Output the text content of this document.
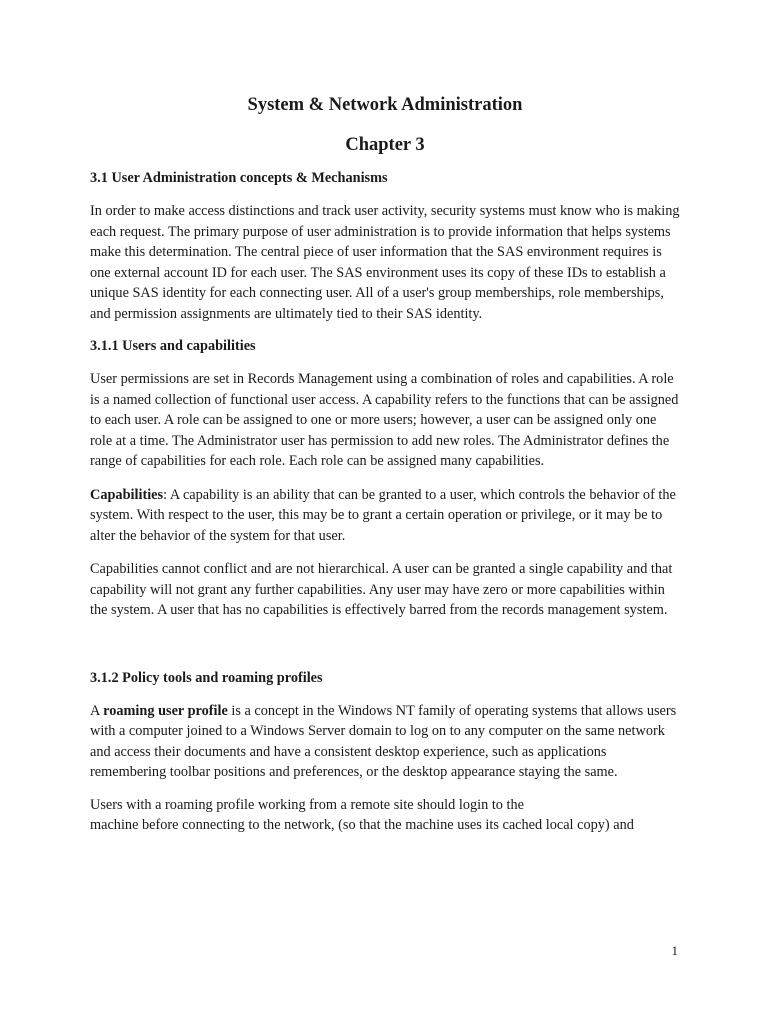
System & Network Administration
Chapter 3
3.1 User Administration concepts & Mechanisms

In order to make access distinctions and track user activity, security systems must know who is making each request. The primary purpose of user administration is to provide information that helps systems make this determination. The central piece of user information that the SAS environment requires is one external account ID for each user. The SAS environment uses its copy of these IDs to establish a unique SAS identity for each connecting user. All of a user's group memberships, role memberships, and permission assignments are ultimately tied to their SAS identity.

3.1.1 Users and capabilities

User permissions are set in Records Management using a combination of roles and capabilities. A role is a named collection of functional user access. A capability refers to the functions that can be assigned to each user. A role can be assigned to one or more users; however, a user can be assigned only one role at a time. The Administrator user has permission to add new roles. The Administrator defines the range of capabilities for each role. Each role can be assigned many capabilities.

Capabilities: A capability is an ability that can be granted to a user, which controls the behavior of the system. With respect to the user, this may be to grant a certain operation or privilege, or it may be to alter the behavior of the system for that user.

Capabilities cannot conflict and are not hierarchical. A user can be granted a single capability and that capability will not grant any further capabilities. Any user may have zero or more capabilities within the system. A user that has no capabilities is effectively barred from the records management system.

3.1.2 Policy tools and roaming profiles

A roaming user profile is a concept in the Windows NT family of operating systems that allows users with a computer joined to a Windows Server domain to log on to any computer on the same network and access their documents and have a consistent desktop experience, such as applications remembering toolbar positions and preferences, or the desktop appearance staying the same.

Users with a roaming profile working from a remote site should login to the
machine before connecting to the network, (so that the machine uses its cached local copy) and

1
